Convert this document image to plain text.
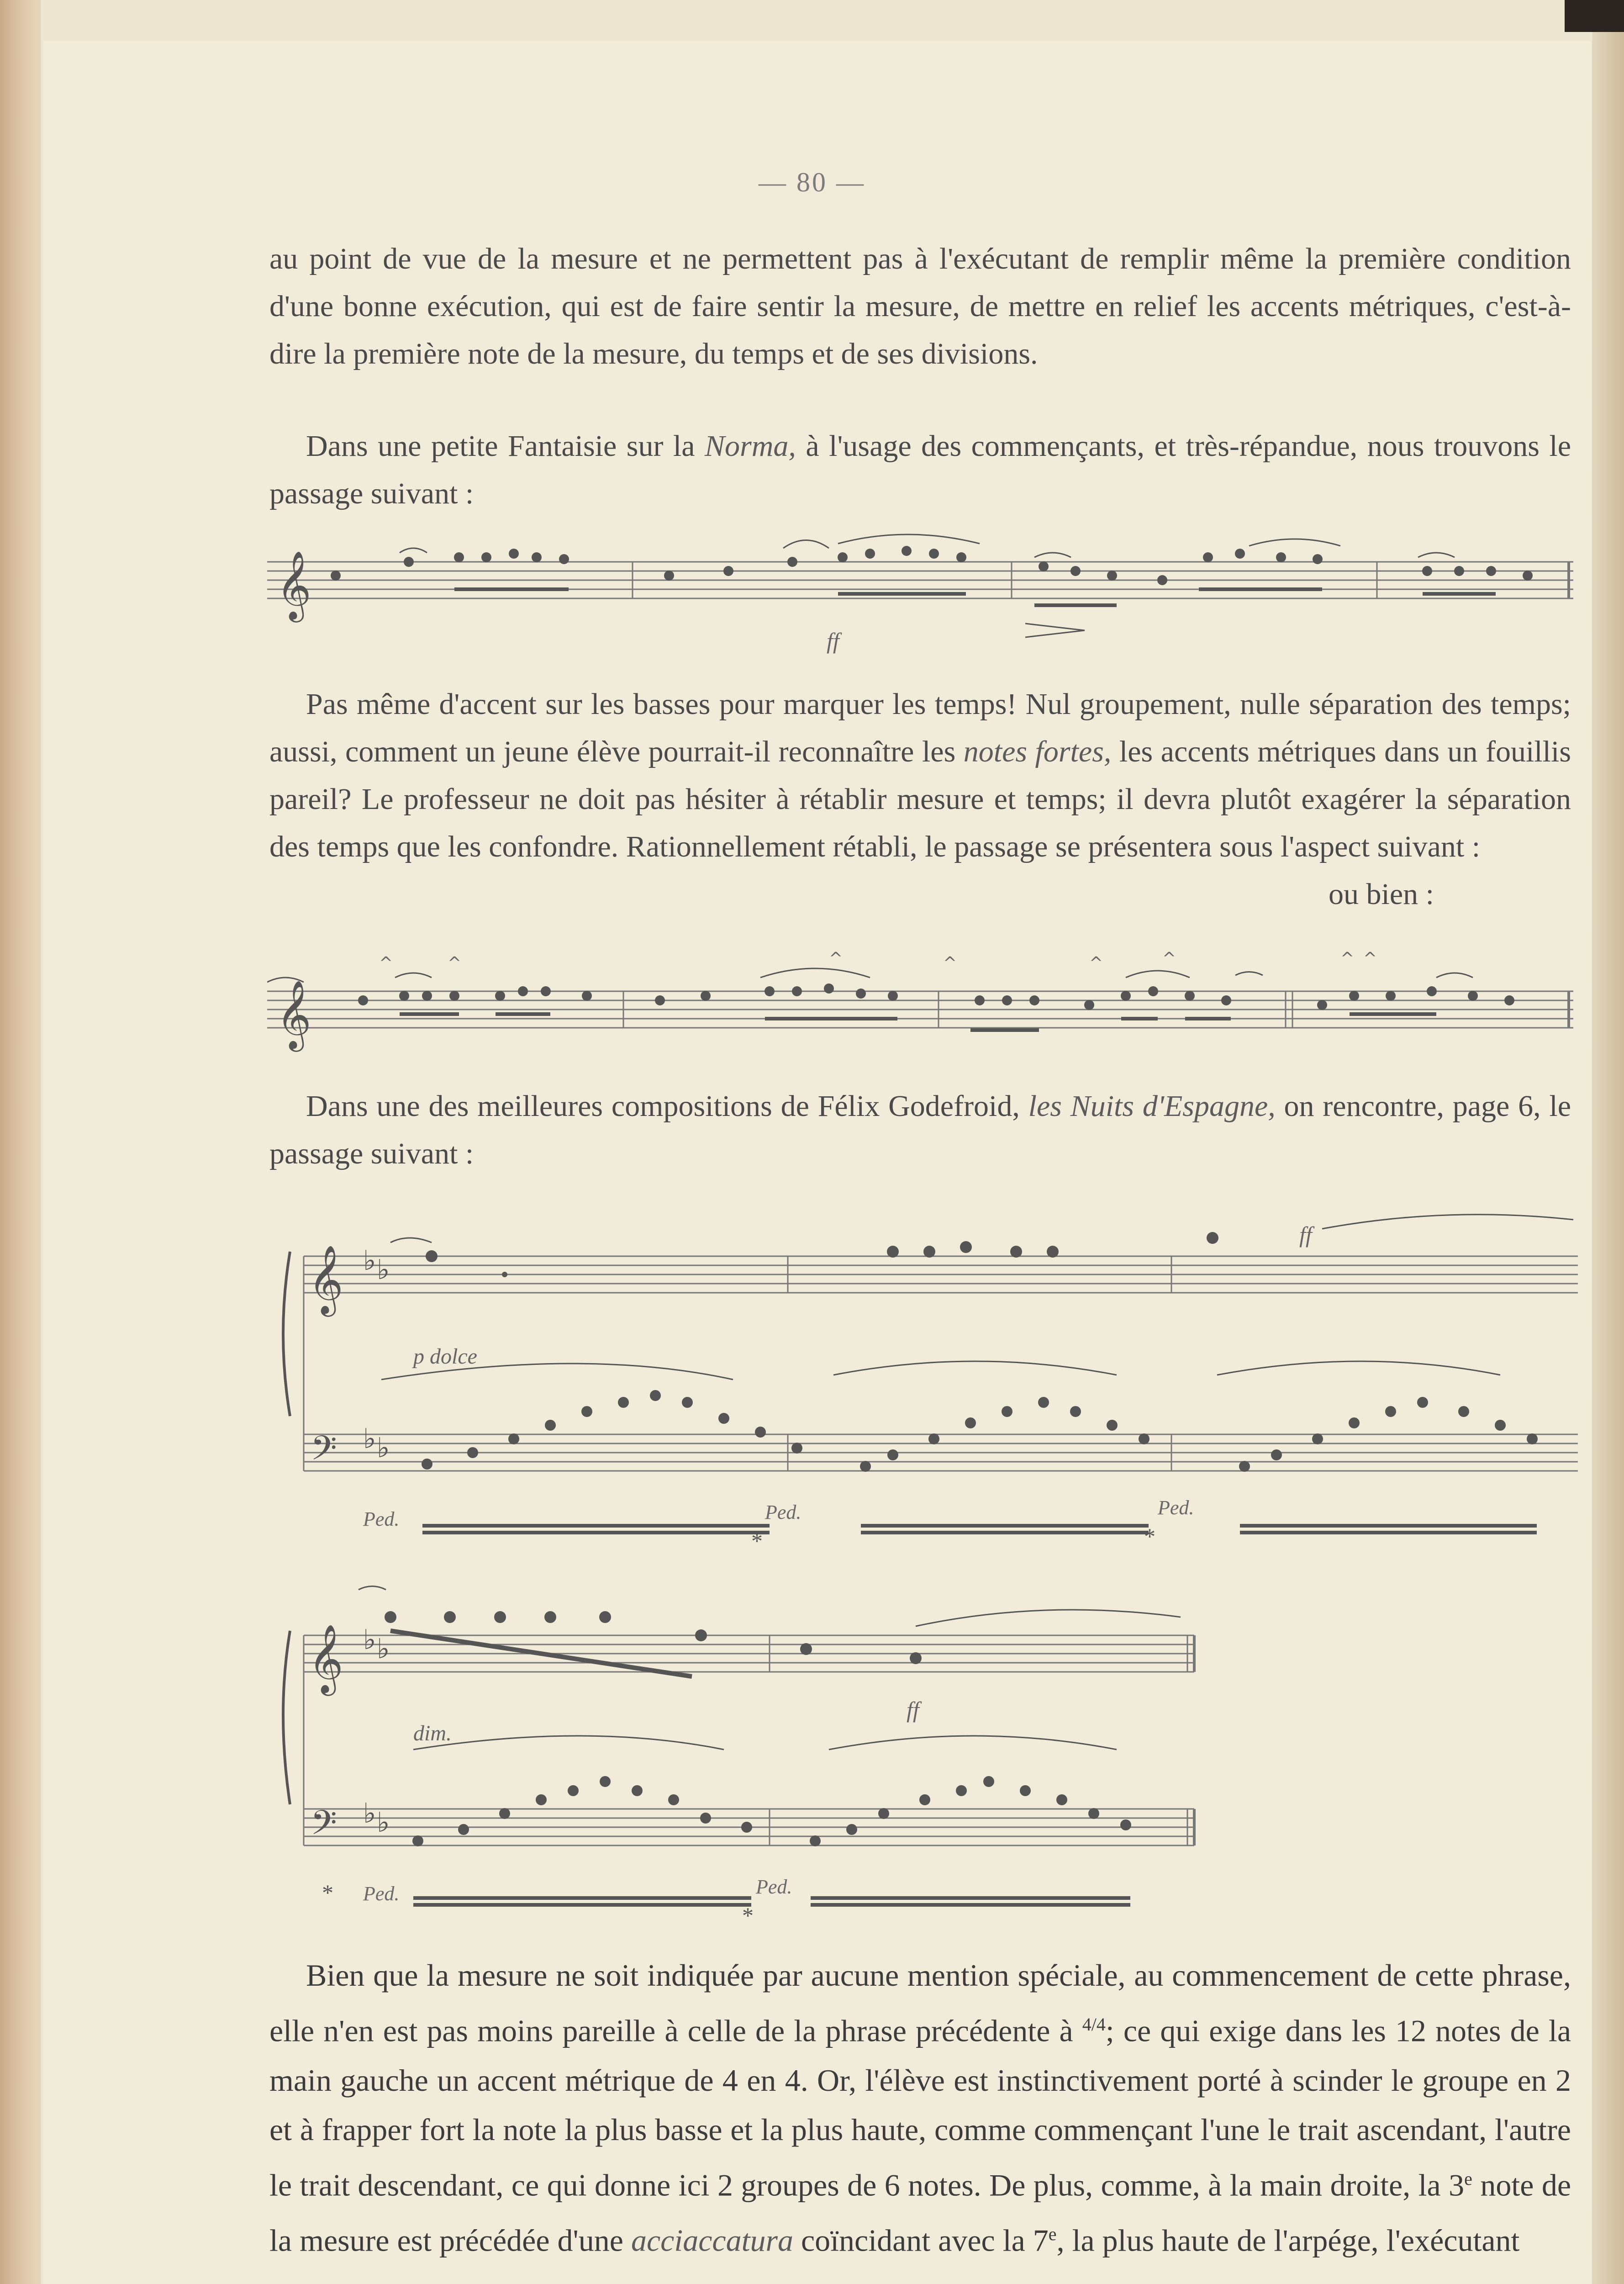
— 80 —

au point de vue de la mesure et ne permettent pas à l'exécutant de remplir même la première condition d'une bonne exécution, qui est de faire sentir la mesure, de mettre en relief les accents métriques, c'est-à-dire la première note de la mesure, du temps et de ses divisions.

Dans une petite Fantaisie sur la Norma, à l'usage des commençants, et très-répandue, nous trouvons le passage suivant :

𝄞
ff

Pas même d'accent sur les basses pour marquer les temps! Nul groupement, nulle séparation des temps; aussi, comment un jeune élève pourrait-il reconnaître les notes fortes, les accents métriques dans un fouillis pareil? Le professeur ne doit pas hésiter à rétablir mesure et temps; il devra plutôt exagérer la séparation des temps que les confondre. Rationnellement rétabli, le passage se présentera sous l'aspect suivant :

ou bien :

𝄞
^	^	^	^	^	^	^ ^

Dans une des meilleures compositions de Félix Godefroid, les Nuits d'Espagne, on rencontre, page 6, le passage suivant :

𝄞
𝄢
♭ ♭
♭ ♭
p dolce
ff
Ped.	Ped.	Ped.
*	*
𝄞
𝄢
♭ ♭
♭ ♭
dim.
ff
* Ped.	Ped.
*

Bien que la mesure ne soit indiquée par aucune mention spéciale, au commencement de cette phrase, elle n'en est pas moins pareille à celle de la phrase précédente à $^{4/4}$; ce qui exige dans les 12 notes de la main gauche un accent métrique de 4 en 4. Or, l'élève est instinctivement porté à scinder le groupe en 2 et à frapper fort la note la plus basse et la plus haute, comme commençant l'une le trait ascendant, l'autre le trait descendant, ce qui donne ici 2 groupes de 6 notes. De plus, comme, à la main droite, la 3e note de la mesure est précédée d'une acciaccatura coïncidant avec la 7e, la plus haute de l'arpége, l'exécutant
